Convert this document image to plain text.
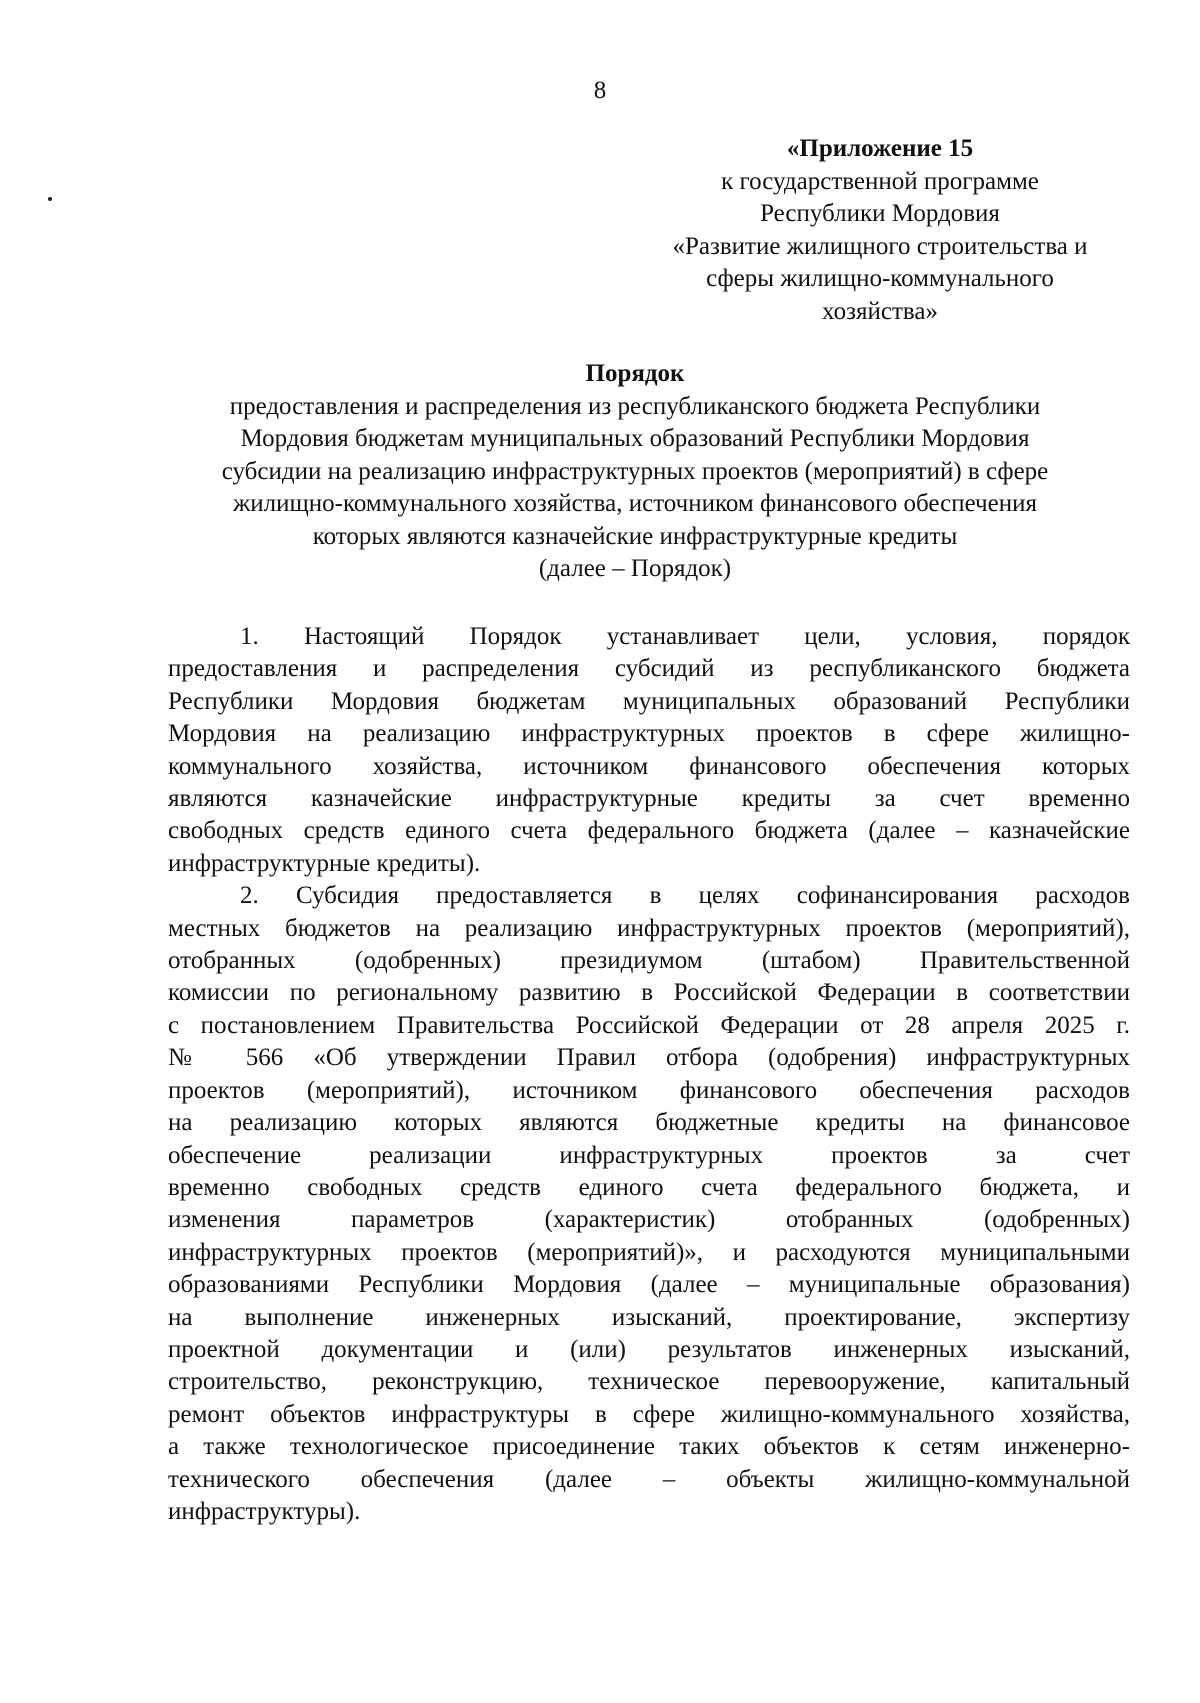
8
«Приложение 15
к государственной программе
Республики Мордовия
«Развитие жилищного строительства и
сферы жилищно-коммунального
хозяйства»
Порядок
предоставления и распределения из республиканского бюджета Республики
Мордовия бюджетам муниципальных образований Республики Мордовия
субсидии на реализацию инфраструктурных проектов (мероприятий) в сфере
жилищно-коммунального хозяйства, источником финансового обеспечения
которых являются казначейские инфраструктурные кредиты
(далее – Порядок)
1. Настоящий Порядок устанавливает цели, условия, порядок
предоставления и распределения субсидий из республиканского бюджета
Республики Мордовия бюджетам муниципальных образований Республики
Мордовия на реализацию инфраструктурных проектов в сфере жилищно-
коммунального хозяйства, источником финансового обеспечения которых
являются казначейские инфраструктурные кредиты за счет временно
свободных средств единого счета федерального бюджета (далее – казначейские
инфраструктурные кредиты).
2. Субсидия предоставляется в целях софинансирования расходов
местных бюджетов на реализацию инфраструктурных проектов (мероприятий),
отобранных (одобренных) президиумом (штабом) Правительственной
комиссии по региональному развитию в Российской Федерации в соответствии
с постановлением Правительства Российской Федерации от 28 апреля 2025 г.
№ 566 «Об утверждении Правил отбора (одобрения) инфраструктурных
проектов (мероприятий), источником финансового обеспечения расходов
на реализацию которых являются бюджетные кредиты на финансовое
обеспечение реализации инфраструктурных проектов за счет
временно свободных средств единого счета федерального бюджета, и
изменения параметров (характеристик) отобранных (одобренных)
инфраструктурных проектов (мероприятий)», и расходуются муниципальными
образованиями Республики Мордовия (далее – муниципальные образования)
на выполнение инженерных изысканий, проектирование, экспертизу
проектной документации и (или) результатов инженерных изысканий,
строительство, реконструкцию, техническое перевооружение, капитальный
ремонт объектов инфраструктуры в сфере жилищно-коммунального хозяйства,
а также технологическое присоединение таких объектов к сетям инженерно-
технического обеспечения (далее – объекты жилищно-коммунальной
инфраструктуры).
